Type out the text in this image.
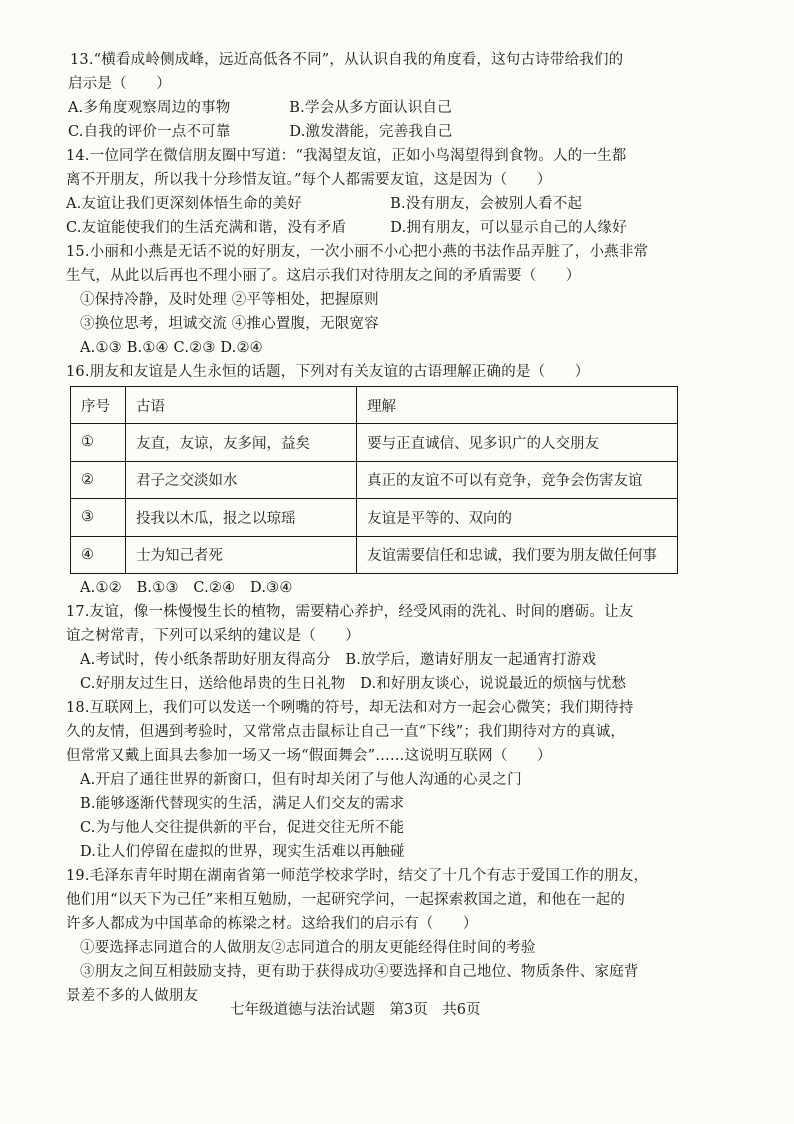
13.“横看成岭侧成峰，远近高低各不同”，从认识自我的角度看，这句古诗带给我们的
启示是（　　）
A.多角度观察周边的事物　　　　B.学会从多方面认识自己
C.自我的评价一点不可靠　　　　D.激发潜能，完善我自己
14.一位同学在微信朋友圈中写道：“我渴望友谊，正如小鸟渴望得到食物。人的一生都
离不开朋友，所以我十分珍惜友谊。”每个人都需要友谊，这是因为（　　）
A.友谊让我们更深刻体悟生命的美好　　　　　　B.没有朋友，会被别人看不起
C.友谊能使我们的生活充满和谐，没有矛盾　　　D.拥有朋友，可以显示自己的人缘好
15.小丽和小燕是无话不说的好朋友，一次小丽不小心把小燕的书法作品弄脏了，小燕非常
生气，从此以后再也不理小丽了。这启示我们对待朋友之间的矛盾需要（　　）
①保持冷静，及时处理 ②平等相处，把握原则
③换位思考，坦诚交流 ④推心置腹，无限宽容
A.①③ B.①④ C.②③ D.②④
16.朋友和友谊是人生永恒的话题，下列对有关友谊的古语理解正确的是（　　）
A.①②　B.①③　C.②④　D.③④
17.友谊，像一株慢慢生长的植物，需要精心养护，经受风雨的洗礼、时间的磨砺。让友
谊之树常青，下列可以采纳的建议是（　　）
A.考试时，传小纸条帮助好朋友得高分　B.放学后，邀请好朋友一起通宵打游戏
C.好朋友过生日，送给他昂贵的生日礼物　D.和好朋友谈心，说说最近的烦恼与忧愁
18.互联网上，我们可以发送一个咧嘴的符号，却无法和对方一起会心微笑；我们期待持
久的友情，但遇到考验时，又常常点击鼠标让自己一直“下线”；我们期待对方的真诚，
但常常又戴上面具去参加一场又一场“假面舞会”……这说明互联网（　　）
A.开启了通往世界的新窗口，但有时却关闭了与他人沟通的心灵之门
B.能够逐渐代替现实的生活，满足人们交友的需求
C.为与他人交往提供新的平台，促进交往无所不能
D.让人们停留在虚拟的世界，现实生活难以再触碰
19.毛泽东青年时期在湖南省第一师范学校求学时，结交了十几个有志于爱国工作的朋友，
他们用“以天下为己任”来相互勉励，一起研究学问，一起探索救国之道，和他在一起的
许多人都成为中国革命的栋梁之材。这给我们的启示有（　　）
①要选择志同道合的人做朋友②志同道合的朋友更能经得住时间的考验
③朋友之间互相鼓励支持，更有助于获得成功④要选择和自己地位、物质条件、家庭背
景差不多的人做朋友
序号	古语	理解
①	友直，友谅，友多闻，益矣	要与正直诚信、见多识广的人交朋友
②	君子之交淡如水	真正的友谊不可以有竞争，竞争会伤害友谊
③	投我以木瓜，报之以琼瑶	友谊是平等的、双向的
④	士为知己者死	友谊需要信任和忠诚，我们要为朋友做任何事
七年级道德与法治试题　第3页　共6页
